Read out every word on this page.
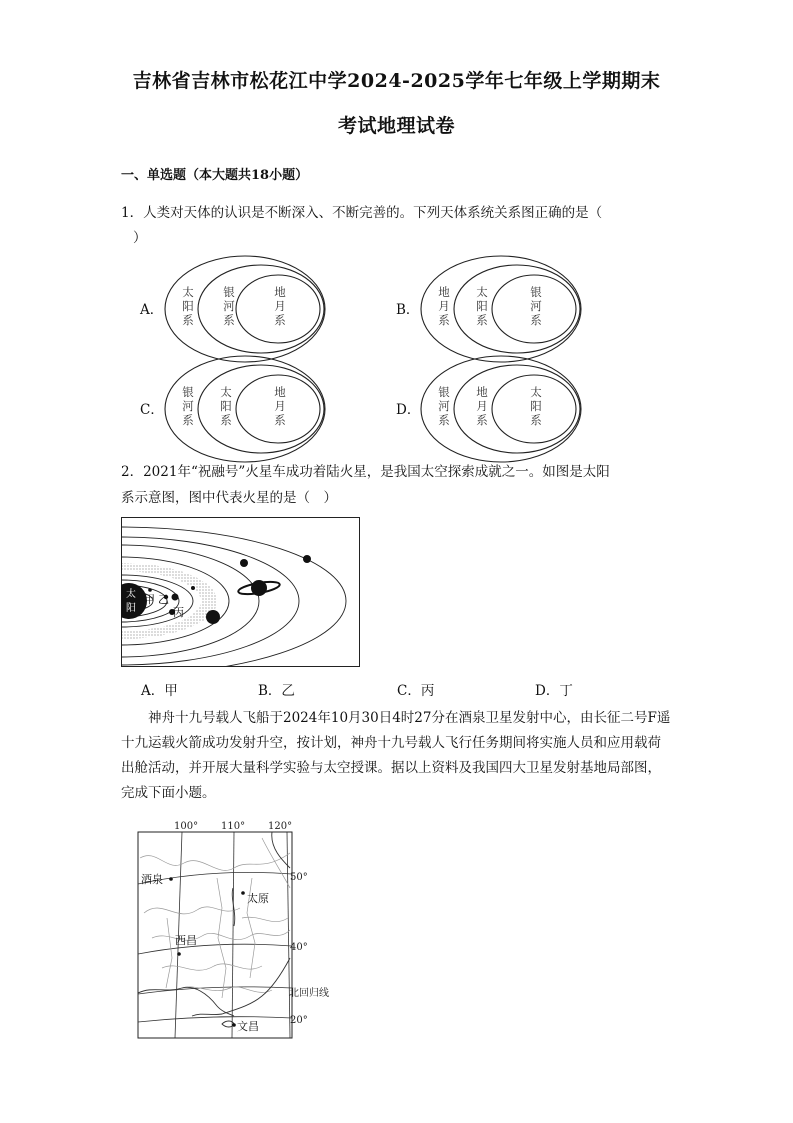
吉林省吉林市松花江中学2024-2025学年七年级上学期期末
考试地理试卷
一、单选题（本大题共18小题）
1．人类对天体的认识是不断深入、不断完善的。下列天体系统关系图正确的是（
）
A．
太阳系
银河系
地月系
B．
地月系
太阳系
银河系
C．
银河系
太阳系
地月系
D．
银河系
地月系
太阳系
2．2021年“祝融号”火星车成功着陆火星，是我国太空探索成就之一。如图是太阳
系示意图，图中代表火星的是（　）
太
阳
甲 乙
丙
A．甲	B．乙	C．丙	D．丁
神舟十九号载人飞船于2024年10月30日4时27分在酒泉卫星发射中心，由长征二号F遥十九运载火箭成功发射升空，按计划，神舟十九号载人飞行任务期间将实施人员和应用载荷出舱活动，并开展大量科学实验与太空授课。据以上资料及我国四大卫星发射基地局部图，完成下面小题。
100° 110° 120°
50°
40°
北回归线
20°
酒泉
太原
西昌
文昌
